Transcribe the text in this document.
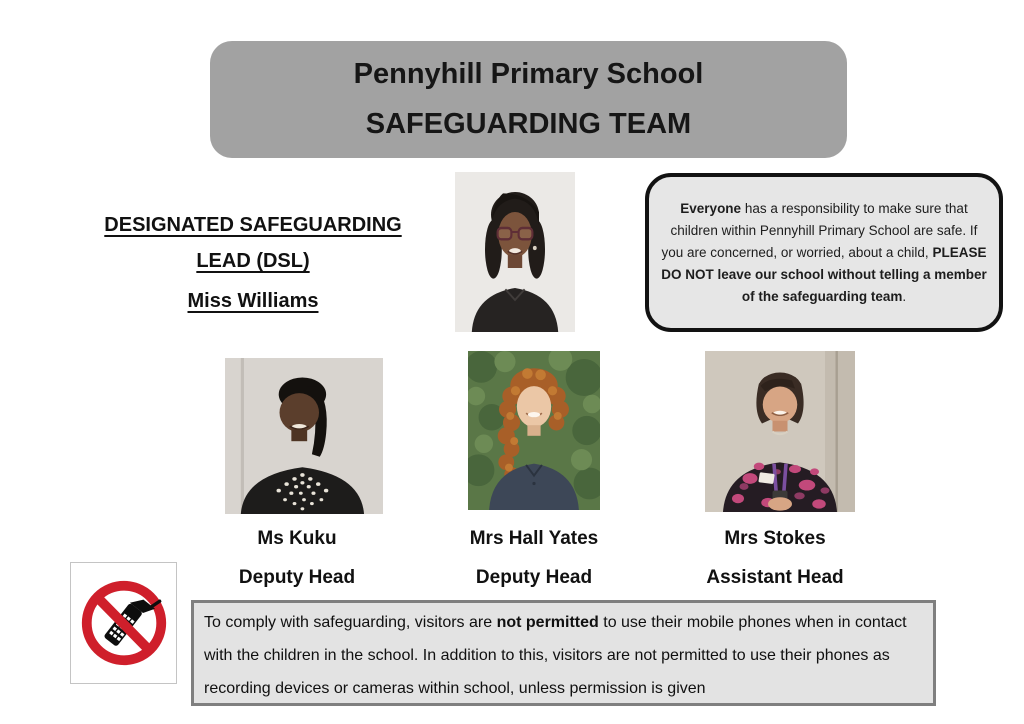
Pennyhill Primary School
SAFEGUARDING TEAM
DESIGNATED SAFEGUARDING
LEAD (DSL)
Miss Williams
Everyone has a responsibility to make sure that children within Pennyhill Primary School are safe. If you are concerned, or worried, about a child, PLEASE DO NOT leave our school without telling a member of the safeguarding team.
Ms Kuku
Deputy Head
Mrs Hall Yates
Deputy Head
Mrs Stokes
Assistant Head
To comply with safeguarding, visitors are not permitted to use their mobile phones when in contact with the children in the school. In addition to this, visitors are not permitted to use their phones as recording devices or cameras within school, unless permission is given
